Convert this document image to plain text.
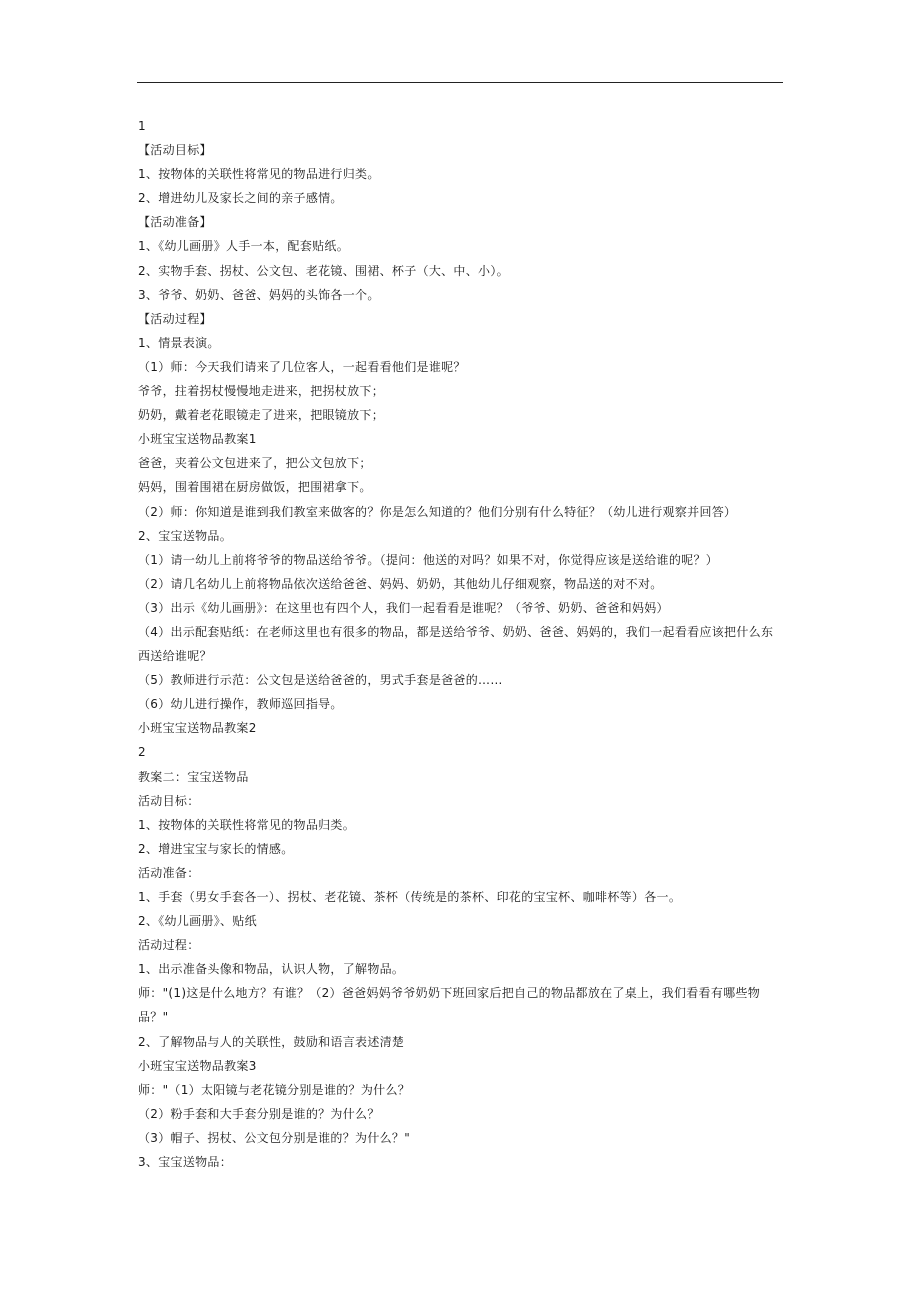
1
【活动目标】
1、按物体的关联性将常见的物品进行归类。
2、增进幼儿及家长之间的亲子感情。
【活动准备】
1、《幼儿画册》人手一本，配套贴纸。
2、实物手套、拐杖、公文包、老花镜、围裙、杯子（大、中、小）。
3、爷爷、奶奶、爸爸、妈妈的头饰各一个。
【活动过程】
1、情景表演。
（1）师：今天我们请来了几位客人，一起看看他们是谁呢？
爷爷，拄着拐杖慢慢地走进来，把拐杖放下；
奶奶，戴着老花眼镜走了进来，把眼镜放下；
小班宝宝送物品教案1
爸爸，夹着公文包进来了，把公文包放下；
妈妈，围着围裙在厨房做饭，把围裙拿下。
（2）师：你知道是谁到我们教室来做客的？你是怎么知道的？他们分别有什么特征？（幼儿进行观察并回答）
2、宝宝送物品。
（1）请一幼儿上前将爷爷的物品送给爷爷。（提问：他送的对吗？如果不对，你觉得应该是送给谁的呢？）
（2）请几名幼儿上前将物品依次送给爸爸、妈妈、奶奶，其他幼儿仔细观察，物品送的对不对。
（3）出示《幼儿画册》：在这里也有四个人，我们一起看看是谁呢？（爷爷、奶奶、爸爸和妈妈）
（4）出示配套贴纸：在老师这里也有很多的物品，都是送给爷爷、奶奶、爸爸、妈妈的，我们一起看看应该把什么东
西送给谁呢？
（5）教师进行示范：公文包是送给爸爸的，男式手套是爸爸的……
（6）幼儿进行操作，教师巡回指导。
小班宝宝送物品教案2
2
教案二：宝宝送物品
活动目标：
1、按物体的关联性将常见的物品归类。
2、增进宝宝与家长的情感。
活动准备：
1、手套（男女手套各一）、拐杖、老花镜、茶杯（传统是的茶杯、印花的宝宝杯、咖啡杯等）各一。
2、《幼儿画册》、贴纸
活动过程：
1、出示准备头像和物品，认识人物，了解物品。
师："(1)这是什么地方？有谁？（2）爸爸妈妈爷爷奶奶下班回家后把自己的物品都放在了桌上，我们看看有哪些物
品？"
2、了解物品与人的关联性，鼓励和语言表述清楚
小班宝宝送物品教案3
师："（1）太阳镜与老花镜分别是谁的？为什么？
（2）粉手套和大手套分别是谁的？为什么？
（3）帽子、拐杖、公文包分别是谁的？为什么？"
3、宝宝送物品：
